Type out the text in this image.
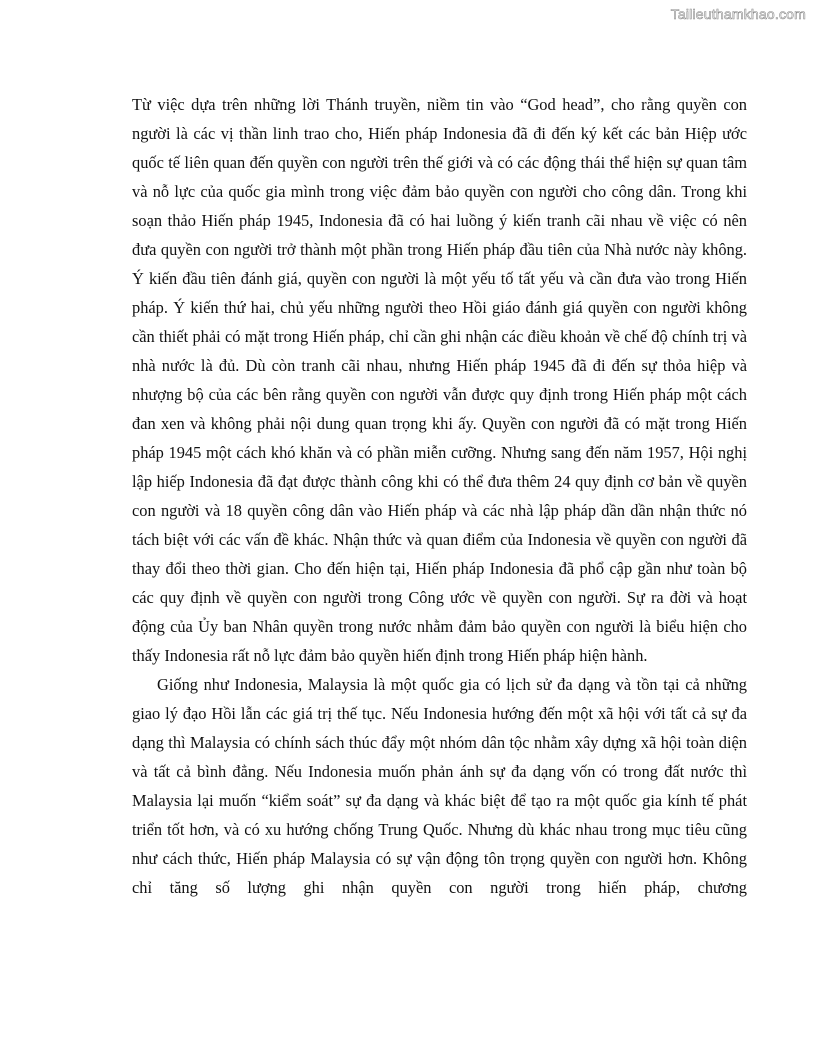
Tailieuthamkhao.com

Từ việc dựa trên những lời Thánh truyền, niềm tin vào “God head”, cho rằng quyền con người là các vị thần linh trao cho, Hiến pháp Indonesia đã đi đến ký kết các bản Hiệp ước quốc tế liên quan đến quyền con người trên thế giới và có các động thái thể hiện sự quan tâm và nỗ lực của quốc gia mình trong việc đảm bảo quyền con người cho công dân. Trong khi soạn thảo Hiến pháp 1945, Indonesia đã có hai luồng ý kiến tranh cãi nhau về việc có nên đưa quyền con người trở thành một phần trong Hiến pháp đầu tiên của Nhà nước này không. Ý kiến đầu tiên đánh giá, quyền con người là một yếu tố tất yếu và cần đưa vào trong Hiến pháp. Ý kiến thứ hai, chủ yếu những người theo Hồi giáo đánh giá quyền con người không cần thiết phải có mặt trong Hiến pháp, chỉ cần ghi nhận các điều khoản về chế độ chính trị và nhà nước là đủ. Dù còn tranh cãi nhau, nhưng Hiến pháp 1945 đã đi đến sự thỏa hiệp và nhượng bộ của các bên rằng quyền con người vẫn được quy định trong Hiến pháp một cách đan xen và không phải nội dung quan trọng khi ấy. Quyền con người đã có mặt trong Hiến pháp 1945 một cách khó khăn và có phần miễn cưỡng. Nhưng sang đến năm 1957, Hội nghị lập hiếp Indonesia đã đạt được thành công khi có thể đưa thêm 24 quy định cơ bản về quyền con người và 18 quyền công dân vào Hiến pháp và các nhà lập pháp dần dần nhận thức nó tách biệt với các vấn đề khác. Nhận thức và quan điểm của Indonesia về quyền con người đã thay đổi theo thời gian. Cho đến hiện tại, Hiến pháp Indonesia đã phổ cập gần như toàn bộ các quy định về quyền con người trong Công ước về quyền con người. Sự ra đời và hoạt động của Ủy ban Nhân quyền trong nước nhằm đảm bảo quyền con người là biểu hiện cho thấy Indonesia rất nỗ lực đảm bảo quyền hiến định trong Hiến pháp hiện hành.

Giống như Indonesia, Malaysia là một quốc gia có lịch sử đa dạng và tồn tại cả những giao lý đạo Hồi lẫn các giá trị thế tục. Nếu Indonesia hướng đến một xã hội với tất cả sự đa dạng thì Malaysia có chính sách thúc đẩy một nhóm dân tộc nhằm xây dựng xã hội toàn diện và tất cả bình đẳng. Nếu Indonesia muốn phản ánh sự đa dạng vốn có trong đất nước thì Malaysia lại muốn “kiểm soát” sự đa dạng và khác biệt để tạo ra một quốc gia kính tế phát triển tốt hơn, và có xu hướng chống Trung Quốc. Nhưng dù khác nhau trong mục tiêu cũng như cách thức, Hiến pháp Malaysia có sự vận động tôn trọng quyền con người hơn. Không chỉ tăng số lượng ghi nhận quyền con người trong hiến pháp, chương
